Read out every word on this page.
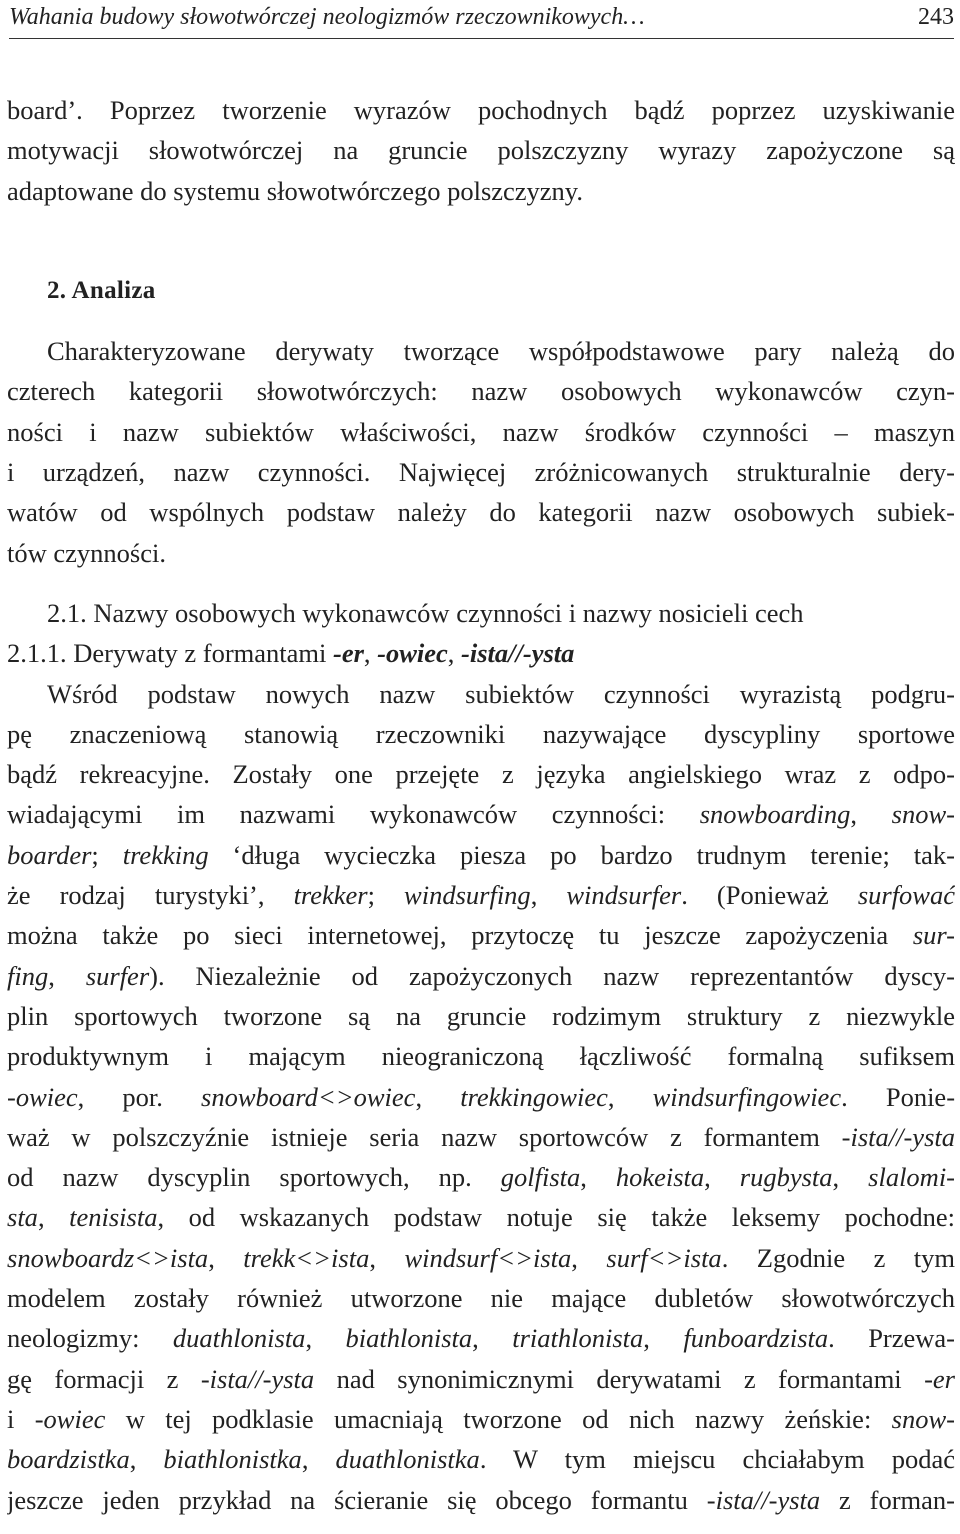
Wahania budowy słowotwórczej neologizmów rzeczownikowych…	243
board’. Poprzez tworzenie wyrazów pochodnych bądź poprzez uzyskiwanie
motywacji słowotwórczej na gruncie polszczyzny wyrazy zapożyczone są
adaptowane do systemu słowotwórczego polszczyzny.
2. Analiza
Charakteryzowane derywaty tworzące współpodstawowe pary należą do
czterech kategorii słowotwórczych: nazw osobowych wykonawców czyn-
ności i nazw subiektów właściwości, nazw środków czynności – maszyn
i urządzeń, nazw czynności. Najwięcej zróżnicowanych strukturalnie dery-
watów od wspólnych podstaw należy do kategorii nazw osobowych subiek-
tów czynności.
2.1. Nazwy osobowych wykonawców czynności i nazwy nosicieli cech
2.1.1. Derywaty z formantami -er, -owiec, -ista//-ysta
Wśród podstaw nowych nazw subiektów czynności wyrazistą podgru-
pę znaczeniową stanowią rzeczowniki nazywające dyscypliny sportowe
bądź rekreacyjne. Zostały one przejęte z języka angielskiego wraz z odpo-
wiadającymi im nazwami wykonawców czynności: snowboarding, snow-
boarder; trekking ‘długa wycieczka piesza po bardzo trudnym terenie; tak-
że rodzaj turystyki’, trekker; windsurfing, windsurfer. (Ponieważ surfować
można także po sieci internetowej, przytoczę tu jeszcze zapożyczenia sur-
fing, surfer). Niezależnie od zapożyczonych nazw reprezentantów dyscy-
plin sportowych tworzone są na gruncie rodzimym struktury z niezwykle
produktywnym i mającym nieograniczoną łączliwość formalną sufiksem
-owiec, por. snowboard<>owiec, trekkingowiec, windsurfingowiec. Ponie-
waż w polszczyźnie istnieje seria nazw sportowców z formantem -ista//-ysta
od nazw dyscyplin sportowych, np. golfista, hokeista, rugbysta, slalomi-
sta, tenisista, od wskazanych podstaw notuje się także leksemy pochodne:
snowboardz<>ista, trekk<>ista, windsurf<>ista, surf<>ista. Zgodnie z tym
modelem zostały również utworzone nie mające dubletów słowotwórczych
neologizmy: duathlonista, biathlonista, triathlonista, funboardzista. Przewa-
gę formacji z -ista//-ysta nad synonimicznymi derywatami z formantami -er
i -owiec w tej podklasie umacniają tworzone od nich nazwy żeńskie: snow-
boardzistka, biathlonistka, duathlonistka. W tym miejscu chciałabym podać
jeszcze jeden przykład na ścieranie się obcego formantu -ista//-ysta z forman-
